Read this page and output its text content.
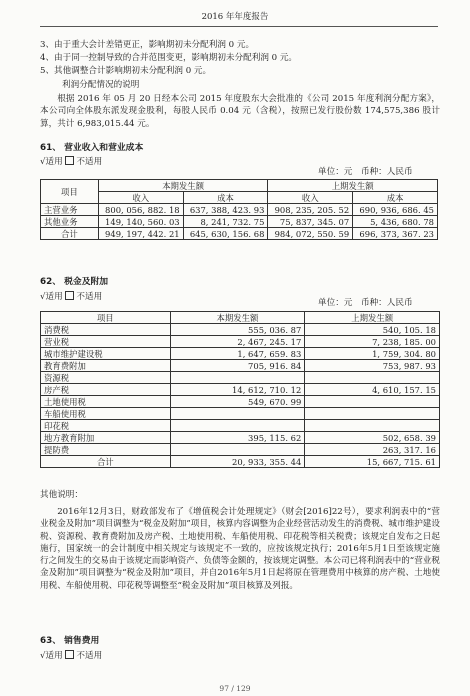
2016 年年度报告
3、由于重大会计差错更正，影响期初未分配利润 0 元。
4、由于同一控制导致的合并范围变更，影响期初未分配利润 0 元。
5、其他调整合计影响期初未分配利润 0 元。
利润分配情况的说明

根据 2016 年 05 月 20 日经本公司 2015 年度股东大会批准的《公司 2015 年度利润分配方案》，本公司向全体股东派发现金股利，每股人民币 0.04 元（含税），按照已发行股份数 174,575,386 股计算，共计 6,983,015.44 元。

61、 营业收入和营业成本
√适用 不适用
单位：元　币种：人民币
项目	本期发生额		上期发生额	
	收入	成本	收入	成本
主营业务	800, 056, 882. 18	637, 388, 423. 93	908, 235, 205. 52	690, 936, 686. 45
其他业务	149, 140, 560. 03	8, 241, 732. 75	75, 837, 345. 07	5, 436, 680. 78
合计	949, 197, 442. 21	645, 630, 156. 68	984, 072, 550. 59	696, 373, 367. 23
62、 税金及附加
√适用 不适用
单位：元　币种：人民币
项目	本期发生额	上期发生额
消费税	555, 036. 87	540, 105. 18
营业税	2, 467, 245. 17	7, 238, 185. 00
城市维护建设税	1, 647, 659. 83	1, 759, 304. 80
教育费附加	705, 916. 84	753, 987. 93
资源税		
房产税	14, 612, 710. 12	4, 610, 157. 15
土地使用税	549, 670. 99	
车船使用税		
印花税		
地方教育附加	395, 115. 62	502, 658. 39
提防费		263, 317. 16
合计	20, 933, 355. 44	15, 667, 715. 61
其他说明：

2016年12月3日，财政部发布了《增值税会计处理规定》（财会[2016]22号），要求利润表中的“营业税金及附加”项目调整为“税金及附加”项目，核算内容调整为企业经营活动发生的消费税、城市维护建设税、资源税、教育费附加及房产税、土地使用税、车船使用税、印花税等相关税费；该规定自发布之日起施行，国家统一的会计制度中相关规定与该规定不一致的，应按该规定执行；2016年5月1日至该规定施行之间发生的交易由于该规定而影响资产、负债等金额的，按该规定调整。本公司已将利润表中的“营业税金及附加”项目调整为“税金及附加”项目，并自2016年5月1日起将原在管理费用中核算的房产税、土地使用税、车船使用税、印花税等调整至“税金及附加”项目核算及列报。

63、 销售费用
√适用 不适用
97 / 129
